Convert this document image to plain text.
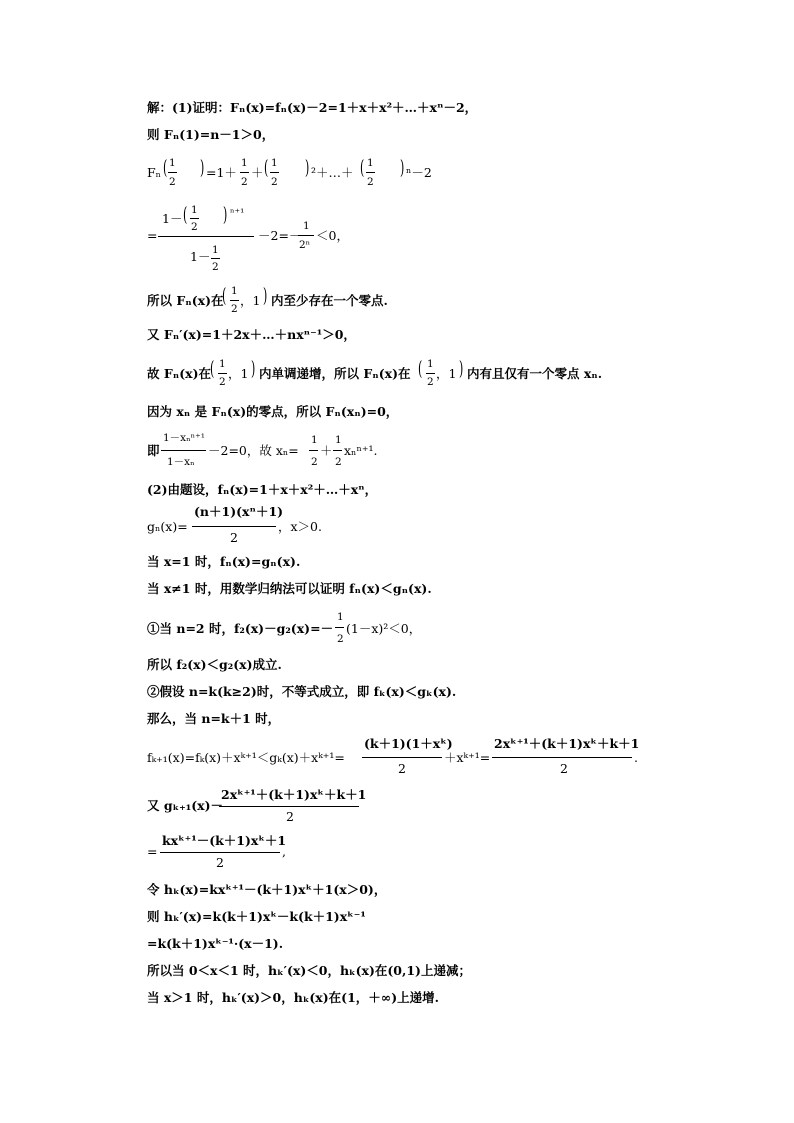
解：(1)证明：Fₙ(x)=fₙ(x)－2=1＋x＋x²＋…＋xⁿ－2，
则 Fₙ(1)=n－1＞0，
Fₙ ( 1
2
) =1＋
1
2
＋ ( 1
2
) ²＋…＋ ( 1
2
) ⁿ－2
=
1－ ( 1
2
) ⁿ⁺¹
1－ 1
2
－2=－
1
2ⁿ
＜0，
所以 Fₙ(x)在
( 1
2
，1 ) 内至少存在一个零点.
又 Fₙ′(x)=1＋2x＋…＋nxⁿ⁻¹＞0，
故 Fₙ(x)在 ( 1
2
，1 ) 内单调递增，所以 Fₙ(x)在 ( 1
2
，1 ) 内有且仅有一个零点 xₙ.
因为 xₙ 是 Fₙ(x)的零点，所以 Fₙ(xₙ)=0，
即
1－xₙⁿ⁺¹
1－xₙ
－2=0，故 xₙ=
1
2
＋
1
2
xₙⁿ⁺¹.
(2)由题设，fₙ(x)=1＋x＋x²＋…＋xⁿ，
gₙ(x)=
(n＋1)(xⁿ＋1)
2
，x＞0.
当 x=1 时，fₙ(x)=gₙ(x).
当 x≠1 时，用数学归纳法可以证明 fₙ(x)＜gₙ(x).
①当 n=2 时，f₂(x)－g₂(x)=－
1
2
(1－x)²＜0，
所以 f₂(x)＜g₂(x)成立.
②假设 n=k(k≥2)时，不等式成立，即 fₖ(x)＜gₖ(x).
那么，当 n=k＋1 时，
fₖ₊₁(x)=fₖ(x)＋xᵏ⁺¹＜gₖ(x)＋xᵏ⁺¹=
(k＋1)(1＋xᵏ)
2
＋xᵏ⁺¹=
2xᵏ⁺¹＋(k＋1)xᵏ＋k＋1
2
.
又 gₖ₊₁(x)－
2xᵏ⁺¹＋(k＋1)xᵏ＋k＋1
2
=
kxᵏ⁺¹－(k＋1)xᵏ＋1
2
,
令 hₖ(x)=kxᵏ⁺¹－(k＋1)xᵏ＋1(x＞0)，
则 hₖ′(x)=k(k＋1)xᵏ－k(k＋1)xᵏ⁻¹
=k(k＋1)xᵏ⁻¹·(x－1).
所以当 0＜x＜1 时，hₖ′(x)＜0，hₖ(x)在(0,1)上递减；
当 x＞1 时，hₖ′(x)＞0，hₖ(x)在(1，＋∞)上递增.
